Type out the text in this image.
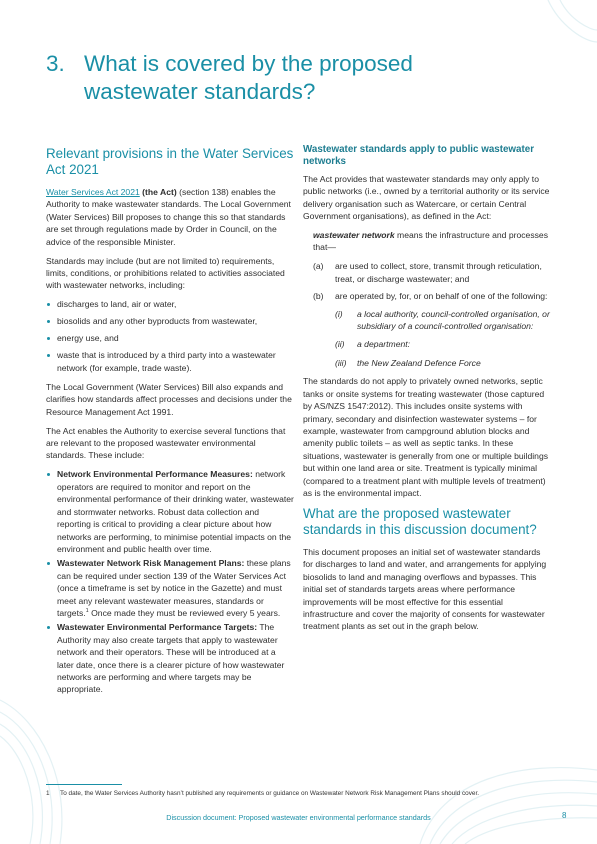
3. What is covered by the proposed
wastewater standards?
Relevant provisions in the Water Services Act 2021

Water Services Act 2021 (the Act) (section 138) enables the Authority to make wastewater standards. The Local Government (Water Services) Bill proposes to change this so that standards are set through regulations made by Order in Council, on the advice of the responsible Minister.

Standards may include (but are not limited to) requirements, limits, conditions, or prohibitions related to activities associated with wastewater networks, including:

discharges to land, air or water,
biosolids and any other byproducts from wastewater,
energy use, and
waste that is introduced by a third party into a wastewater network (for example, trade waste).

The Local Government (Water Services) Bill also expands and clarifies how standards affect processes and decisions under the Resource Management Act 1991.

The Act enables the Authority to exercise several functions that are relevant to the proposed wastewater environmental standards. These include:

Network Environmental Performance Measures: network operators are required to monitor and report on the environmental performance of their drinking water, wastewater and stormwater networks. Robust data collection and reporting is critical to providing a clear picture about how networks are performing, to minimise potential impacts on the environment and public health over time.
Wastewater Network Risk Management Plans: these plans can be required under section 139 of the Water Services Act (once a timeframe is set by notice in the Gazette) and must meet any relevant wastewater measures, standards or targets.$^1$ Once made they must be reviewed every 5 years.
Wastewater Environmental Performance Targets: The Authority may also create targets that apply to wastewater network and their operators. These will be introduced at a later date, once there is a clearer picture of how wastewater networks are performing and where targets may be appropriate.
Wastewater standards apply to public wastewater networks

The Act provides that wastewater standards may only apply to public networks (i.e., owned by a territorial authority or its service delivery organisation such as Watercare, or certain Central Government organisations), as defined in the Act:

wastewater network means the infrastructure and processes that—

(a) are used to collect, store, transmit through reticulation, treat, or discharge wastewater; and
(b) are operated by, for, or on behalf of one of the following:
(i) a local authority, council-controlled organisation, or subsidiary of a council-controlled organisation:
(ii) a department:
(iii) the New Zealand Defence Force

The standards do not apply to privately owned networks, septic tanks or onsite systems for treating wastewater (those captured by AS/NZS 1547:2012). This includes onsite systems with primary, secondary and disinfection wastewater systems – for example, wastewater from campground ablution blocks and amenity public toilets – as well as septic tanks. In these situations, wastewater is generally from one or multiple buildings but within one land area or site. Treatment is typically minimal (compared to a treatment plant with multiple levels of treatment) as is the environmental impact.

What are the proposed wastewater standards in this discussion document?

This document proposes an initial set of wastewater standards for discharges to land and water, and arrangements for applying biosolids to land and managing overflows and bypasses. This initial set of standards targets areas where performance improvements will be most effective for this essential infrastructure and cover the majority of consents for wastewater treatment plants as set out in the graph below.

1 To date, the Water Services Authority hasn’t published any requirements or guidance on Wastewater Network Risk Management Plans should cover.
Discussion document: Proposed wastewater environmental performance standards	8
